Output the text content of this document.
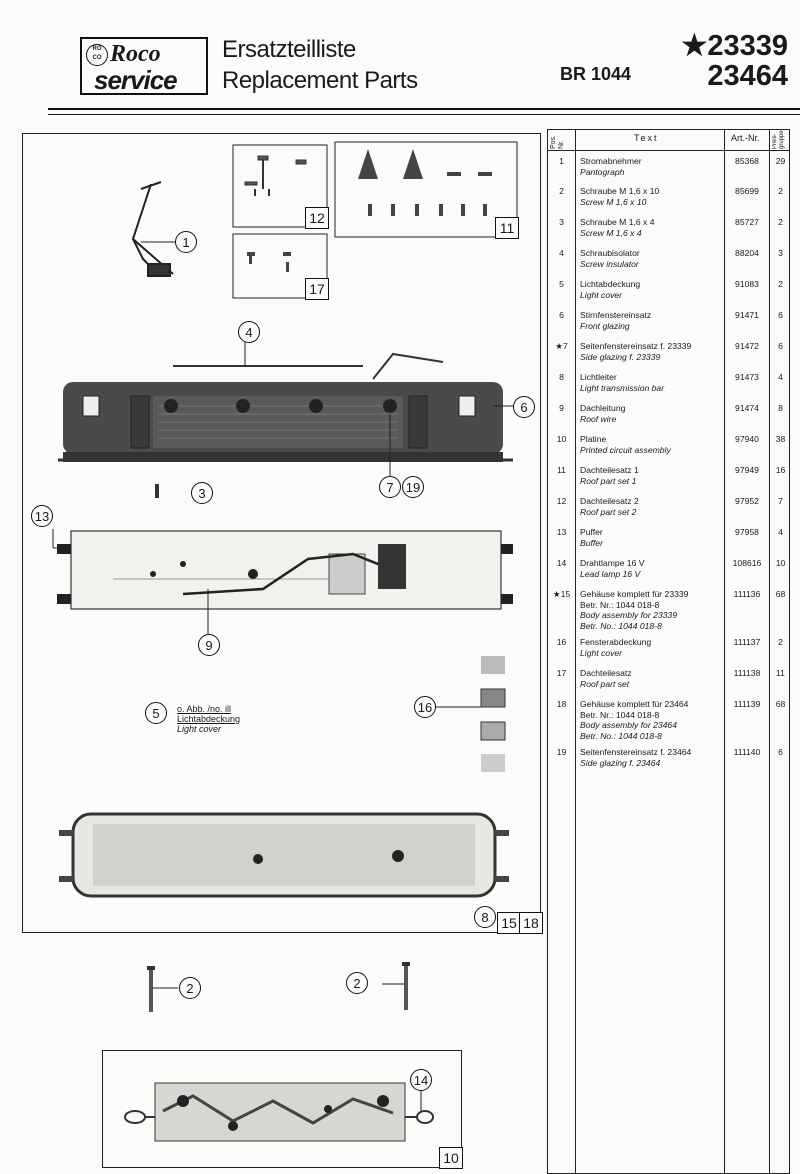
RO
CO Roco
service
Ersatzteilliste
Replacement Parts	BR 1044
★23339
23464
12
11
17
1
4
6
7 19
3
13
9
5	16
o. Abb. /no. ill
Lichtabdeckung
Light cover
8 15 18
2	2
14
10
Pos. Nr.
Text	Art.-Nr. Preis-gruppe
1	Stromabnehmer
Pantograph
85368	29
2	Schraube M 1,6 x 10
Screw M 1,6 x 10
85699	2
3	Schraube M 1,6 x 4
Screw M 1,6 x 4
85727	2
4	Schraubisolator
Screw insulator
88204	3
5	Lichtabdeckung
Light cover
91083	2
6	Stirnfenstereinsatz
Front glazing
91471	6
★7	Seitenfenstereinsatz f. 23339
Side glazing f. 23339
91472	6
8	Lichtleiter
Light transmission bar
91473	4
9	Dachleitung
Roof wire
91474	8
10	Platine
Printed circuit assembly
97940	38
11	Dachteilesatz 1
Roof part set 1
97949	16
12	Dachteilesatz 2
Roof part set 2
97952	7
13	Puffer
Buffer
97958	4
14	Drahtlampe 16 V
Lead lamp 16 V
108616	10
★15	Gehäuse komplett für 23339
Betr. Nr.: 1044 018-8
Body assembly for 23339
Betr. No.: 1044 018-8
111136	68
16	Fensterabdeckung
Light cover
111137	2
17	Dachteilesatz
Roof part set
111138	11
18	Gehäuse komplett für 23464
Betr. Nr.: 1044 018-8
Body assembly for 23464
Betr. No.: 1044 018-8
111139	68
19	Seitenfenstereinsatz f. 23464
Side glazing f. 23464
111140	6
